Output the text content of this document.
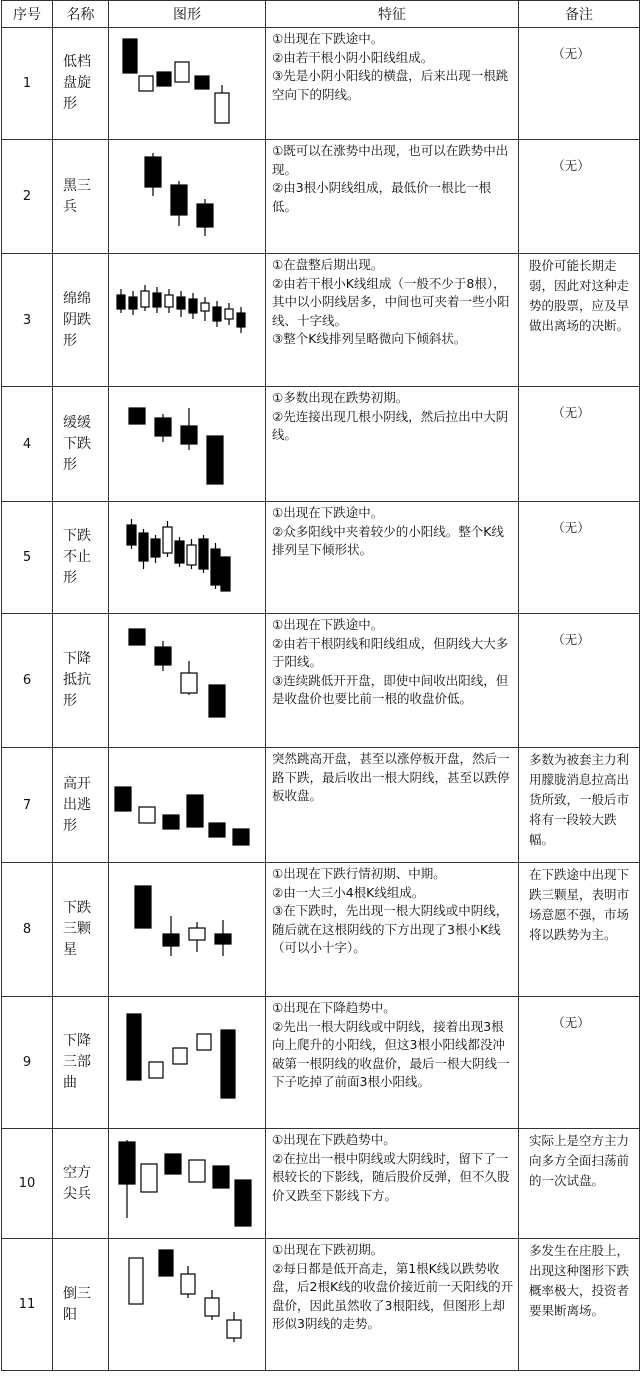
序号	名称	图形	特征	备注
1	低档盘旋形		①出现在下跌途中。
②由若干根小阴小阳线组成。
③先是小阴小阳线的横盘，后来出现一根跳空向下的阴线。	（无）

2	黑三兵		①既可以在涨势中出现，也可以在跌势中出现。
②由3根小阴线组成，最低价一根比一根低。	（无）

3	绵绵阴跌形		①在盘整后期出现。
②由若干根小K线组成（一般不少于8根），其中以小阴线居多，中间也可夹着一些小阳线、十字线。
③整个K线排列呈略微向下倾斜状。	股价可能长期走弱，因此对这种走势的股票，应及早做出离场的决断。
4	缓缓下跌形		①多数出现在跌势初期。
②先连接出现几根小阴线，然后拉出中大阴线。	（无）

5	下跌不止形		①出现在下跌途中。
②众多阳线中夹着较少的小阳线。整个K线排列呈下倾形状。	（无）

6	下降抵抗形		①出现在下跌途中。
②由若干根阴线和阳线组成，但阴线大大多于阳线。
③连续跳低开开盘，即使中间收出阳线，但是收盘价也要比前一根的收盘价低。	（无）

7	高开出逃形		突然跳高开盘，甚至以涨停板开盘，然后一路下跌，最后收出一根大阴线，甚至以跌停板收盘。	多数为被套主力利用朦胧消息拉高出货所致，一般后市将有一段较大跌幅。
8	下跌三颗星		①出现在下跌行情初期、中期。
②由一大三小4根K线组成。
③在下跌时，先出现一根大阴线或中阴线，随后就在这根阴线的下方出现了3根小K线（可以小十字）。	在下跌途中出现下跌三颗星，表明市场意愿不强，市场将以跌势为主。
9	下降三部曲		①出现在下降趋势中。
②先出一根大阴线或中阴线，接着出现3根向上爬升的小阳线，但这3根小阳线都没冲破第一根阴线的收盘价，最后一根大阴线一下子吃掉了前面3根小阳线。	（无）

10	空方尖兵		①出现在下跌趋势中。
②在拉出一根中阴线或大阴线时，留下了一根较长的下影线，随后股价反弹，但不久股价又跌至下影线下方。	实际上是空方主力向多方全面扫荡前的一次试盘。
11	倒三阳		①出现在下跌初期。
②每日都是低开高走，第1根K线以跌势收盘，后2根K线的收盘价接近前一天阳线的开盘价，因此虽然收了3根阳线，但图形上却形似3阴线的走势。	多发生在庄股上，出现这种图形下跌概率极大，投资者要果断离场。
